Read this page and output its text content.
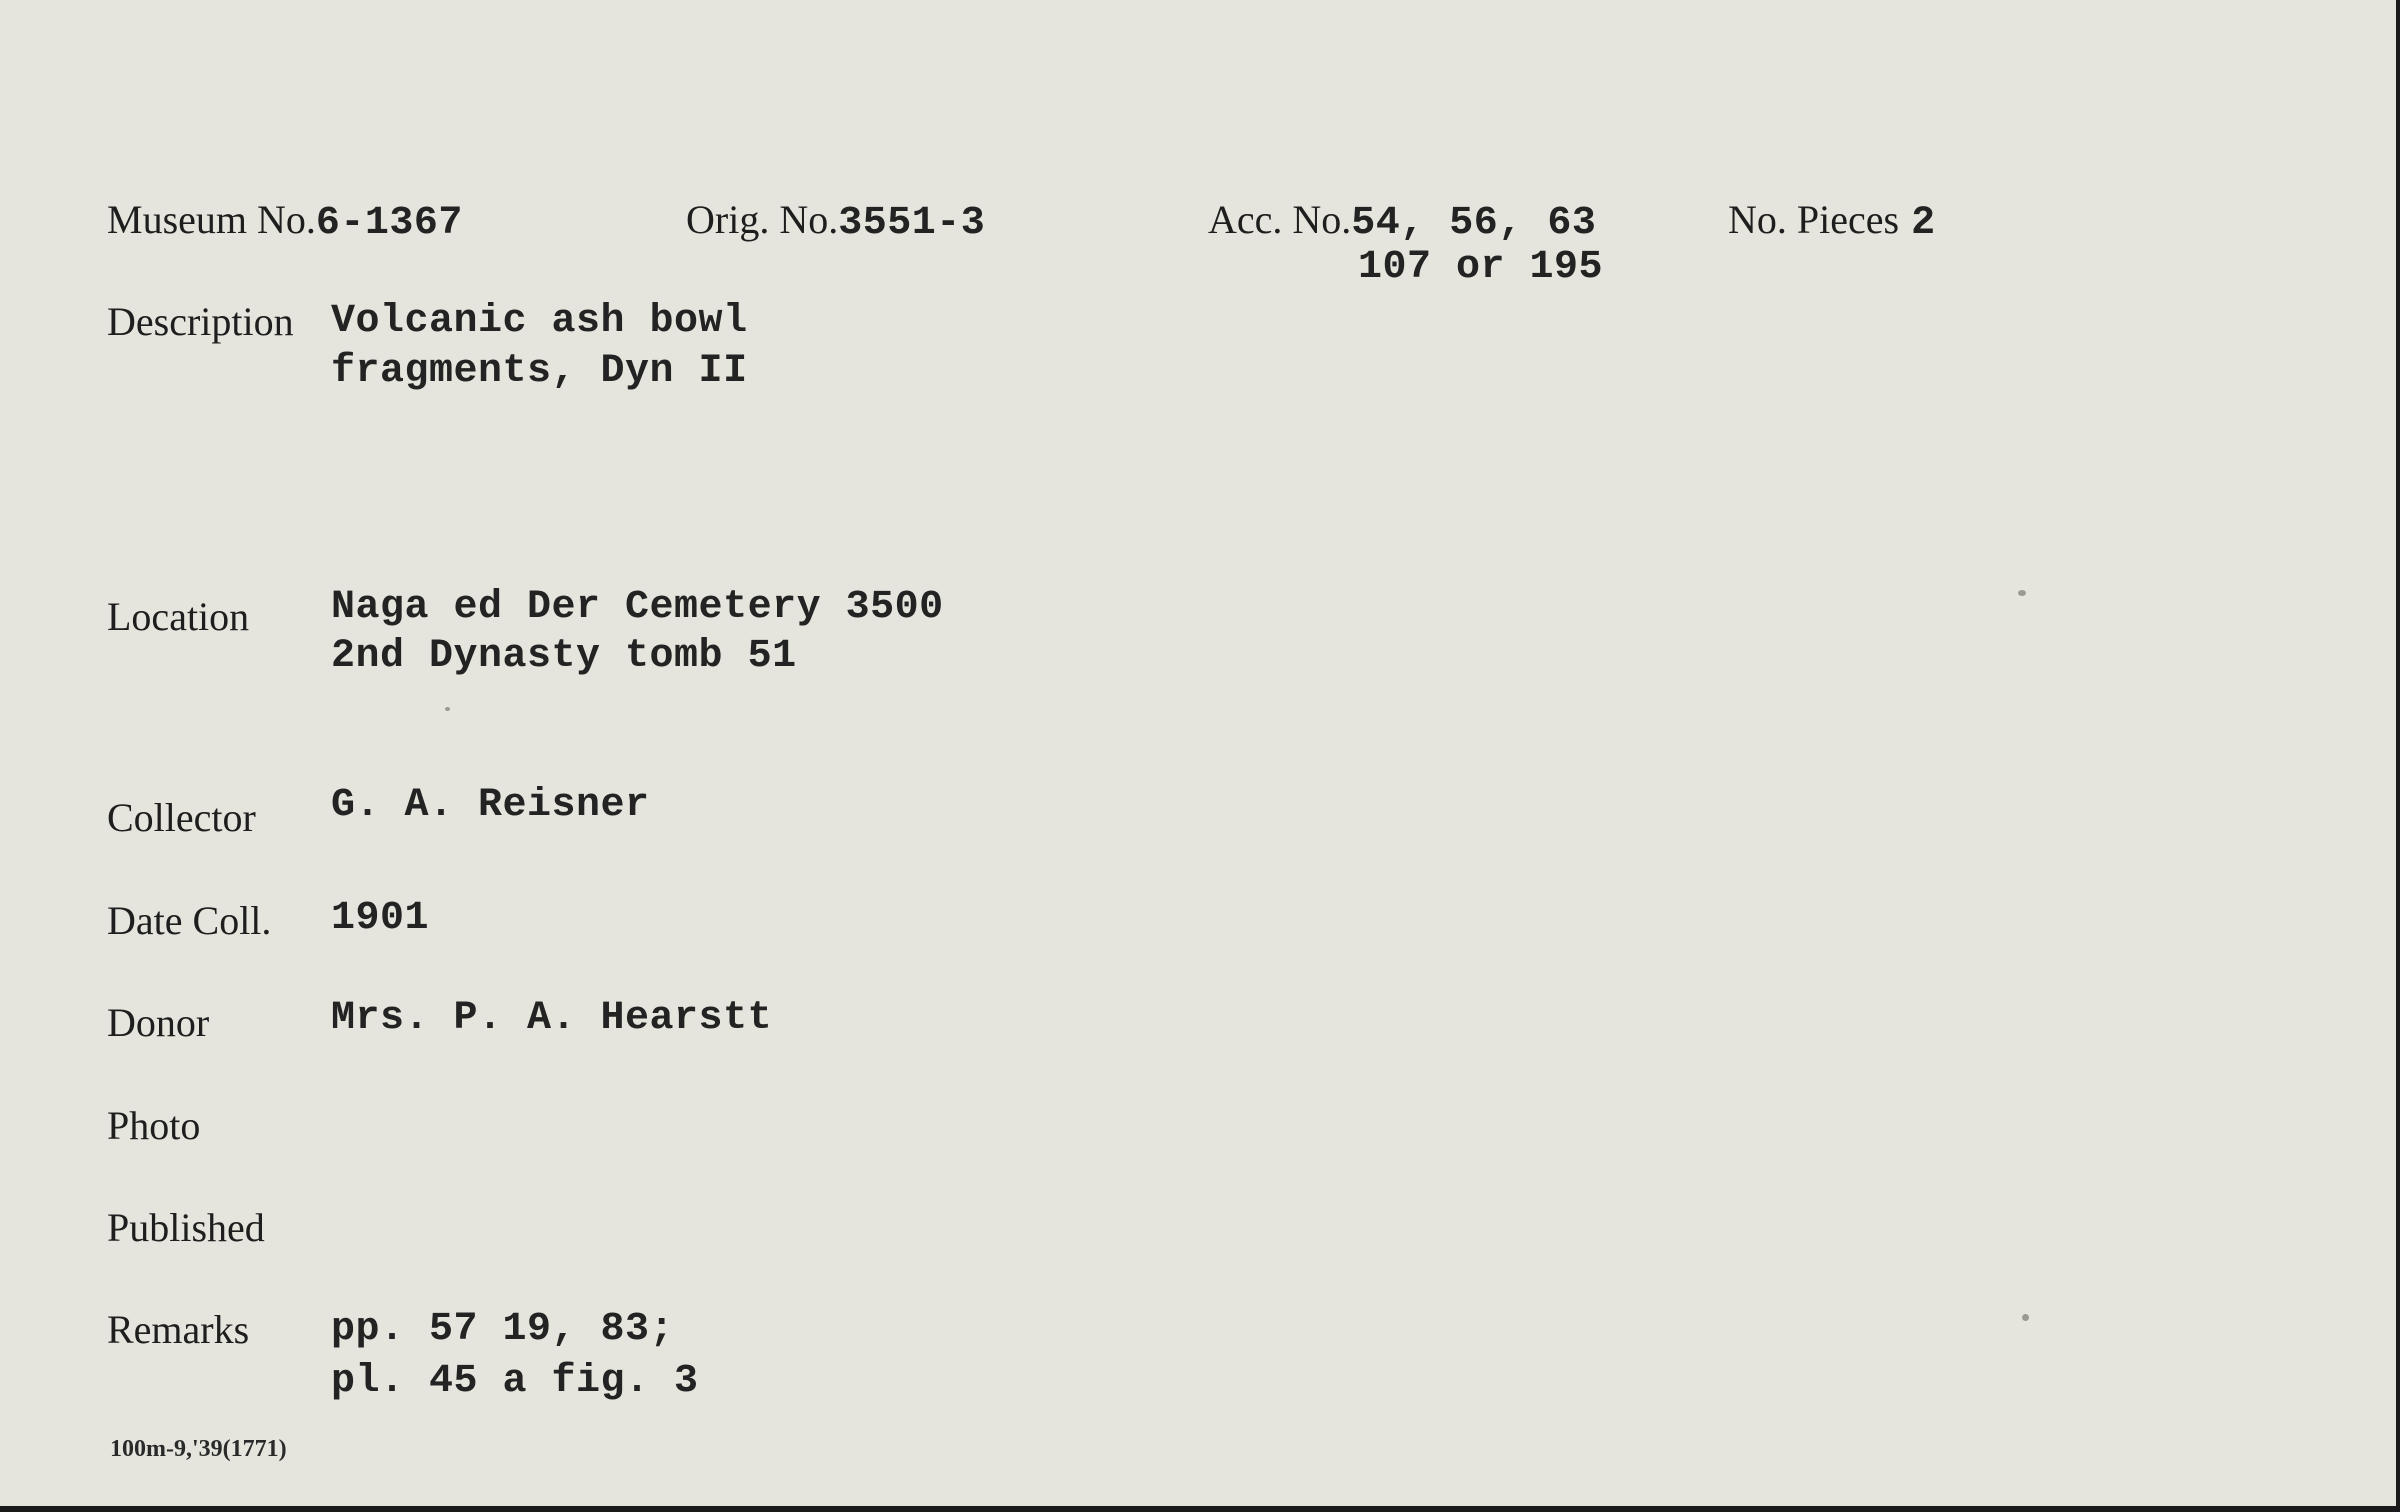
Museum No.6-1367	Orig. No.3551-3	Acc. No.54, 56, 63
107 or 195
No. Pieces 2
Description Volcanic ash bowl
fragments, Dyn II
Location Naga ed Der Cemetery 3500
2nd Dynasty tomb 51
Collector G. A. Reisner
Date Coll. 1901
Donor	Mrs. P. A. Hearstt
Photo
Published
Remarks pp. 57 19, 83;
pl. 45 a fig. 3
100m-9,'39(1771)
